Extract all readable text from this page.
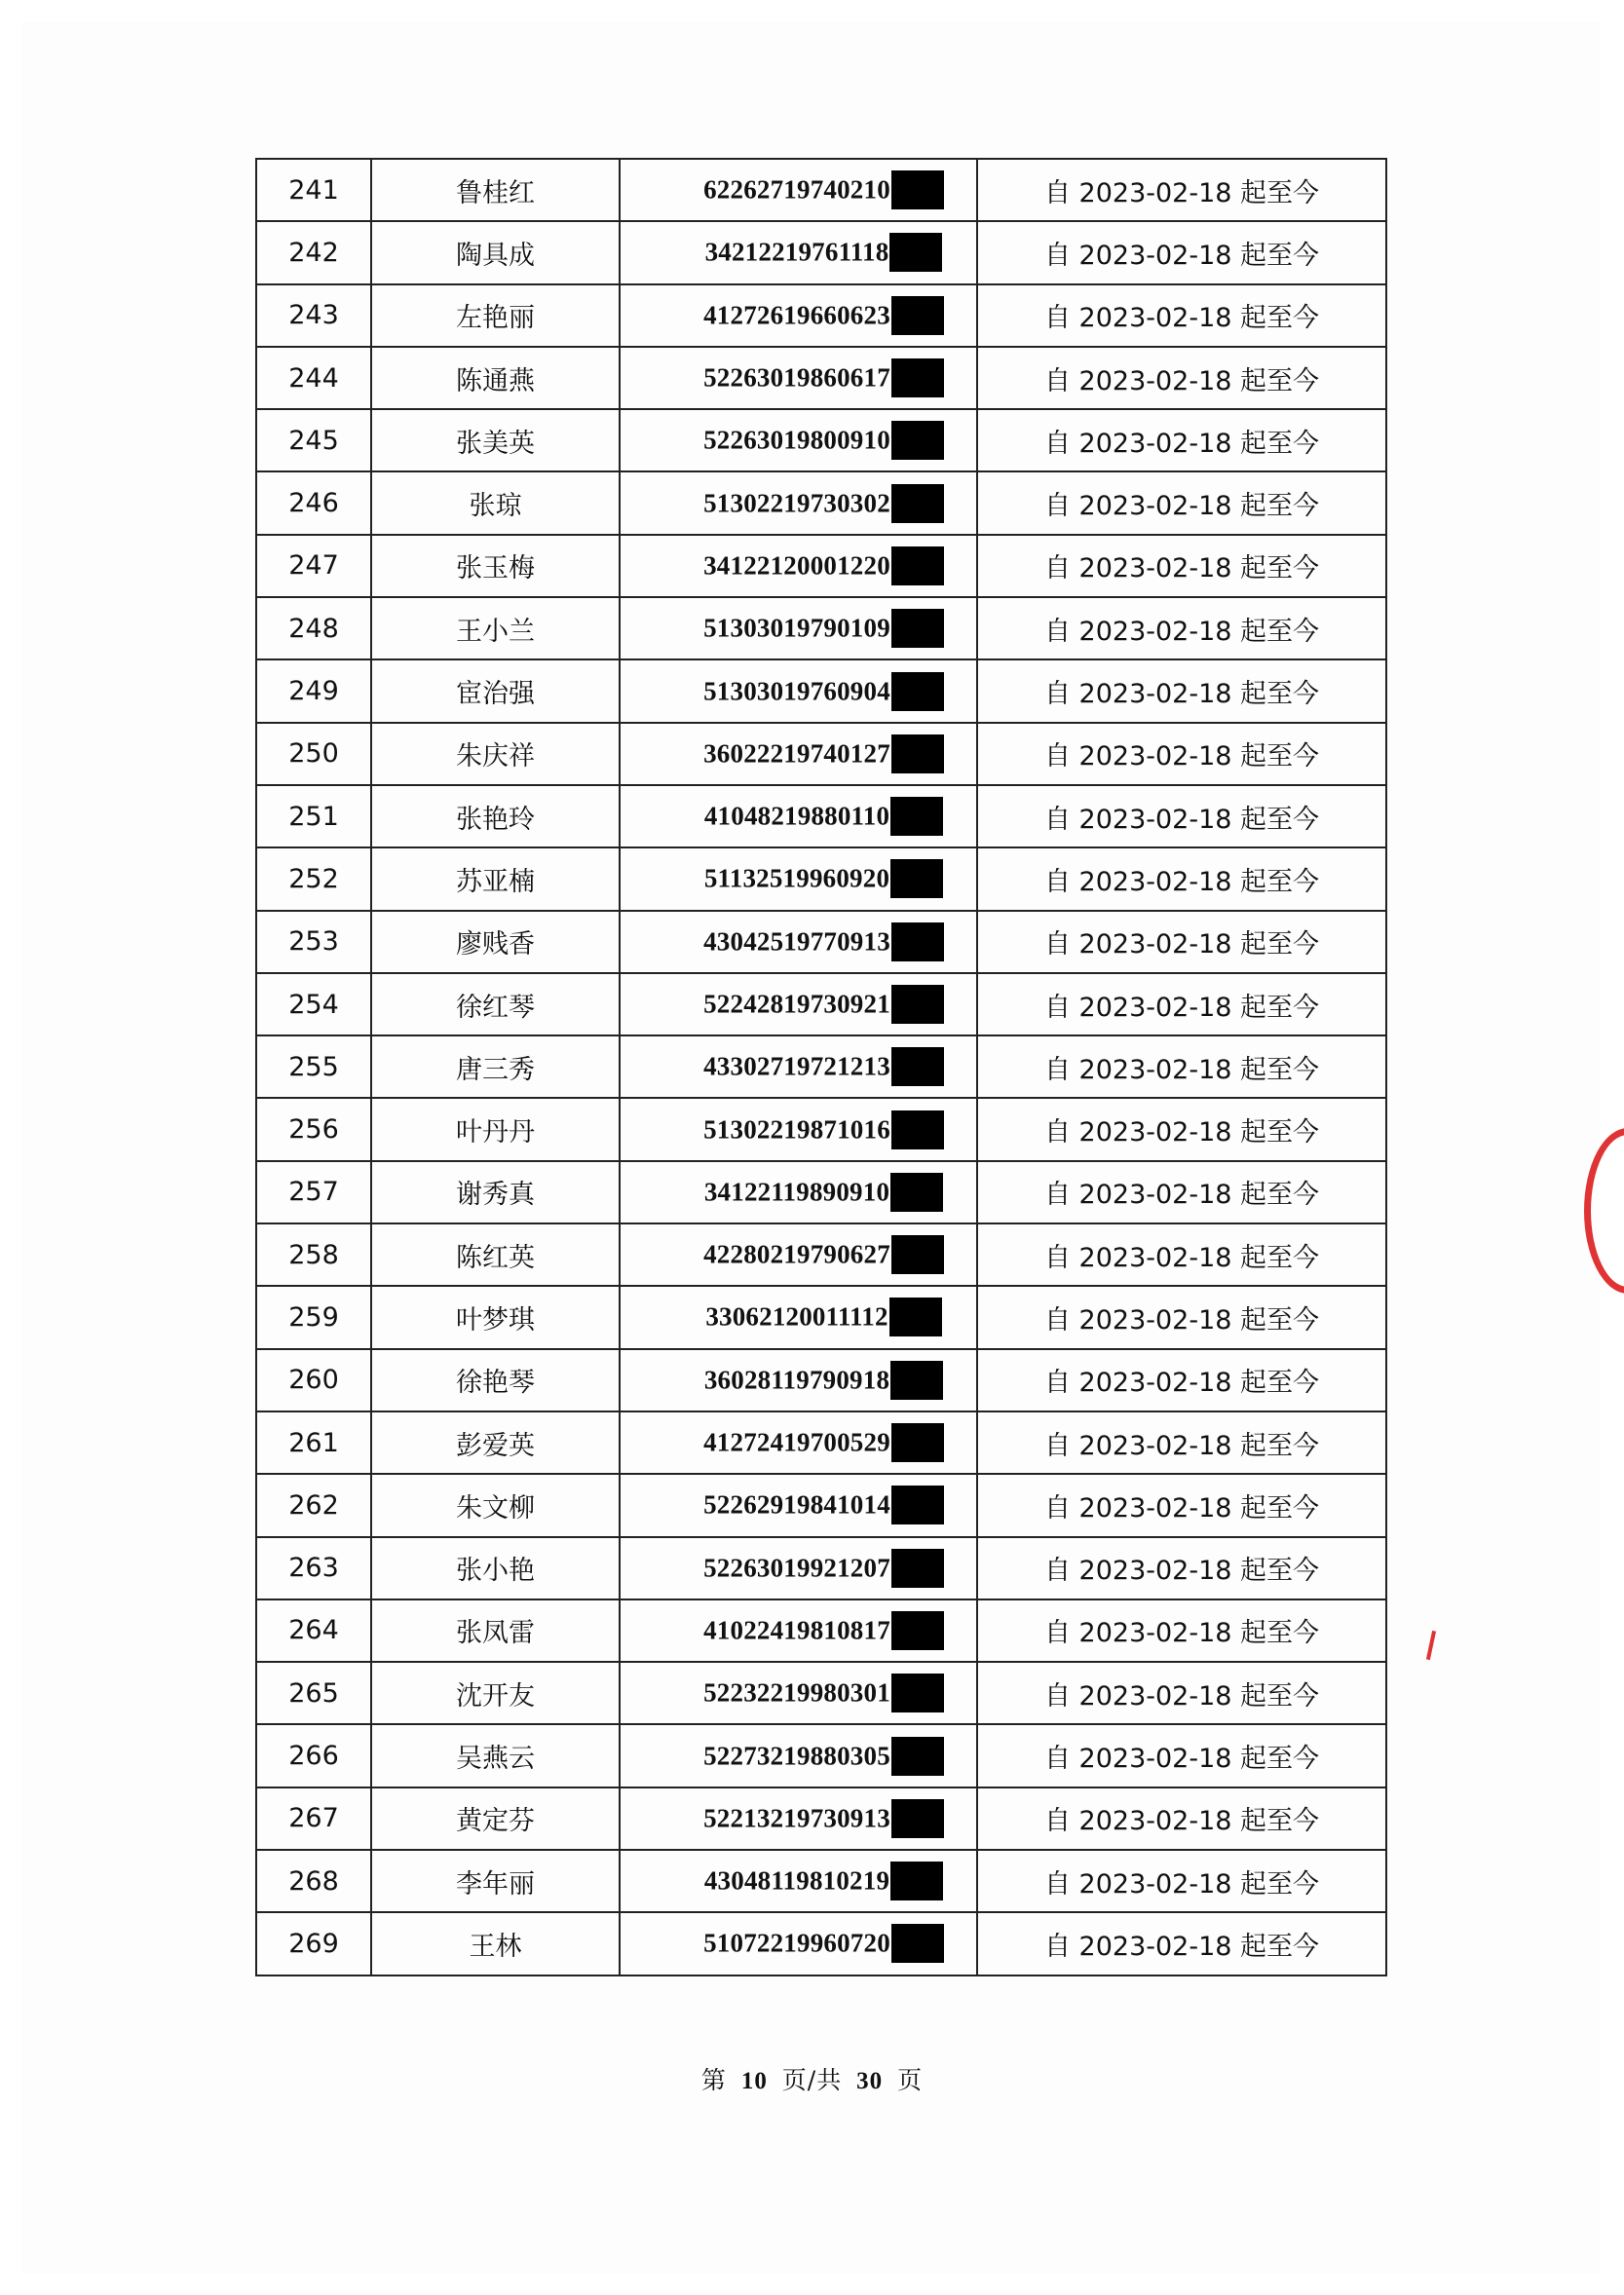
241	鲁桂红	62262719740210	自 2023-02-18 起至今
242	陶具成	34212219761118	自 2023-02-18 起至今
243	左艳丽	41272619660623	自 2023-02-18 起至今
244	陈通燕	52263019860617	自 2023-02-18 起至今
245	张美英	52263019800910	自 2023-02-18 起至今
246	张琼	51302219730302	自 2023-02-18 起至今
247	张玉梅	34122120001220	自 2023-02-18 起至今
248	王小兰	51303019790109	自 2023-02-18 起至今
249	宦治强	51303019760904	自 2023-02-18 起至今
250	朱庆祥	36022219740127	自 2023-02-18 起至今
251	张艳玲	41048219880110	自 2023-02-18 起至今
252	苏亚楠	51132519960920	自 2023-02-18 起至今
253	廖贱香	43042519770913	自 2023-02-18 起至今
254	徐红琴	52242819730921	自 2023-02-18 起至今
255	唐三秀	43302719721213	自 2023-02-18 起至今
256	叶丹丹	51302219871016	自 2023-02-18 起至今
257	谢秀真	34122119890910	自 2023-02-18 起至今
258	陈红英	42280219790627	自 2023-02-18 起至今
259	叶梦琪	33062120011112	自 2023-02-18 起至今
260	徐艳琴	36028119790918	自 2023-02-18 起至今
261	彭爱英	41272419700529	自 2023-02-18 起至今
262	朱文柳	52262919841014	自 2023-02-18 起至今
263	张小艳	52263019921207	自 2023-02-18 起至今
264	张凤雷	41022419810817	自 2023-02-18 起至今
265	沈开友	52232219980301	自 2023-02-18 起至今
266	吴燕云	52273219880305	自 2023-02-18 起至今
267	黄定芬	52213219730913	自 2023-02-18 起至今
268	李年丽	43048119810219	自 2023-02-18 起至今
269	王林	51072219960720	自 2023-02-18 起至今
第 10 页/共 30 页
